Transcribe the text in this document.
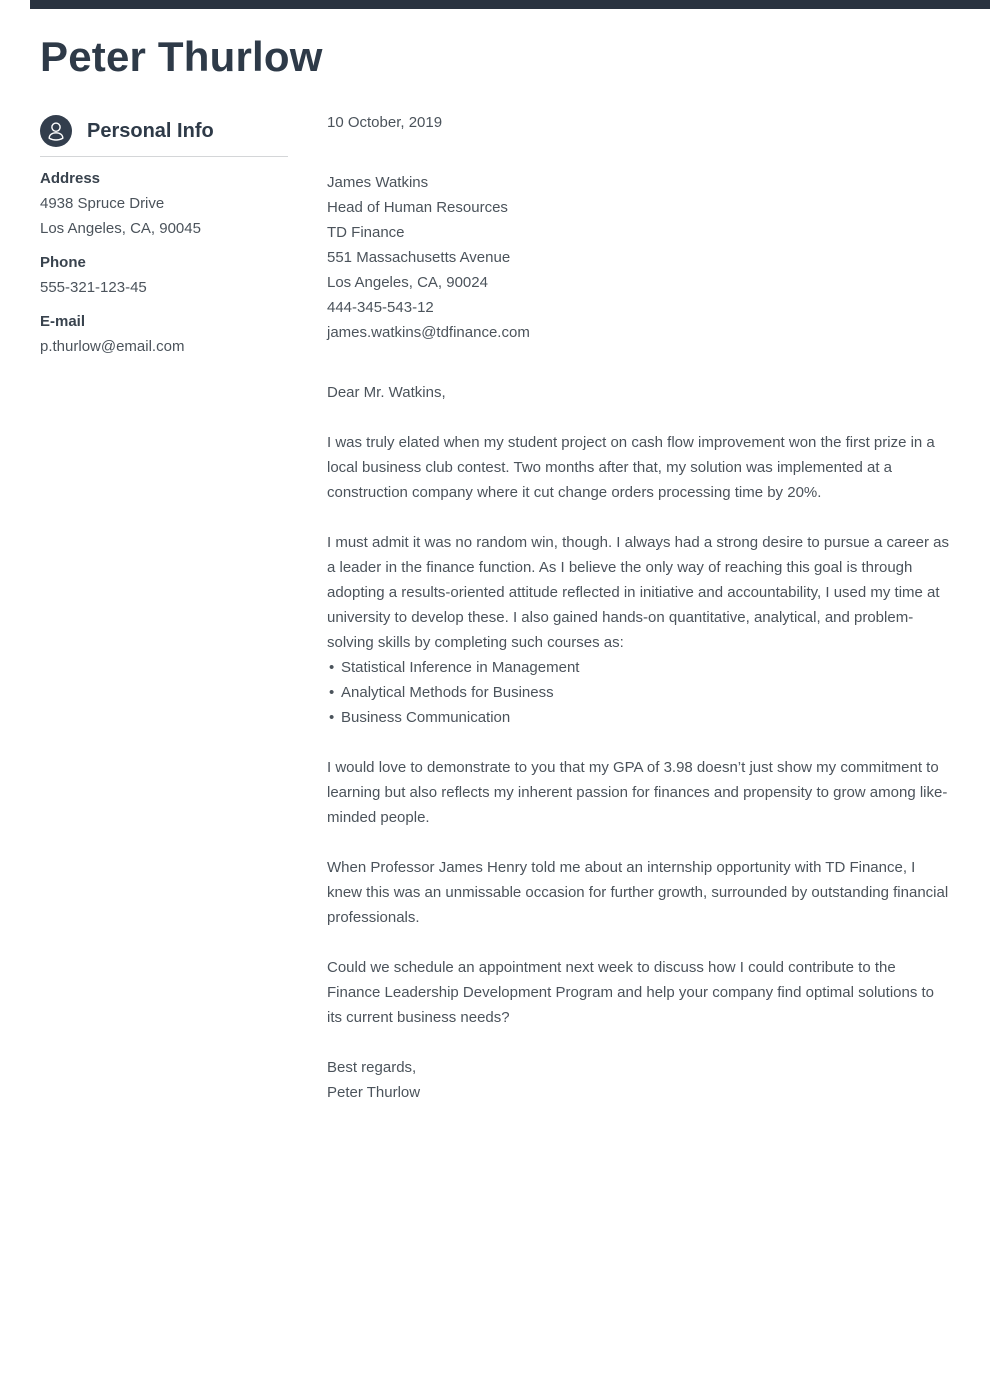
Peter Thurlow
Personal Info
Address
4938 Spruce Drive
Los Angeles, CA, 90045
Phone
555-321-123-45
E-mail
p.thurlow@email.com
10 October, 2019
James Watkins
Head of Human Resources
TD Finance
551 Massachusetts Avenue
Los Angeles, CA, 90024
444-345-543-12
james.watkins@tdfinance.com
Dear Mr. Watkins,

I was truly elated when my student project on cash flow improvement won the first prize in a local business club contest. Two months after that, my solution was implemented at a construction company where it cut change orders processing time by 20%.

I must admit it was no random win, though. I always had a strong desire to pursue a career as a leader in the finance function. As I believe the only way of reaching this goal is through adopting a results-oriented attitude reflected in initiative and accountability, I used my time at university to develop these. I also gained hands-on quantitative, analytical, and problem-solving skills by completing such courses as:

• Statistical Inference in Management
• Analytical Methods for Business
• Business Communication

I would love to demonstrate to you that my GPA of 3.98 doesn’t just show my commitment to learning but also reflects my inherent passion for finances and propensity to grow among like-minded people.

When Professor James Henry told me about an internship opportunity with TD Finance, I knew this was an unmissable occasion for further growth, surrounded by outstanding financial professionals.

Could we schedule an appointment next week to discuss how I could contribute to the Finance Leadership Development Program and help your company find optimal solutions to its current business needs?

Best regards,
Peter Thurlow
